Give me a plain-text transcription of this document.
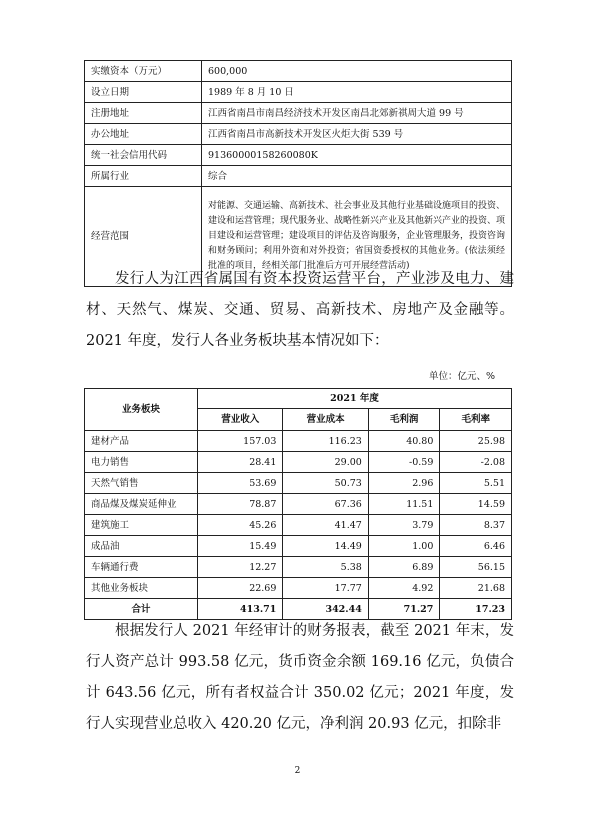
实缴资本（万元）	600,000
设立日期	1989 年 8 月 10 日
注册地址	江西省南昌市南昌经济技术开发区南昌北郊新祺周大道 99 号
办公地址	江西省南昌市高新技术开发区火炬大街 539 号
统一社会信用代码	91360000158260080K
所属行业	综合
经营范围	对能源、交通运输、高新技术、社会事业及其他行业基础设施项目的投资、建设和运营管理；现代服务业、战略性新兴产业及其他新兴产业的投资、项目建设和运营管理；建设项目的评估及咨询服务，企业管理服务，投资咨询和财务顾问；利用外资和对外投资；省国资委授权的其他业务。(依法须经批准的项目，经相关部门批准后方可开展经营活动)

发行人为江西省属国有资本投资运营平台，产业涉及电力、建材、天然气、煤炭、交通、贸易、高新技术、房地产及金融等。2021 年度，发行人各业务板块基本情况如下：

单位：亿元、%
业务板块	2021 年度			
	营业收入	营业成本	毛利润	毛利率
建材产品	157.03	116.23	40.80	25.98
电力销售	28.41	29.00	-0.59	-2.08
天然气销售	53.69	50.73	2.96	5.51
商品煤及煤炭延伸业	78.87	67.36	11.51	14.59
建筑施工	45.26	41.47	3.79	8.37
成品油	15.49	14.49	1.00	6.46
车辆通行费	12.27	5.38	6.89	56.15
其他业务板块	22.69	17.77	4.92	21.68
合计	413.71	342.44	71.27	17.23

根据发行人 2021 年经审计的财务报表，截至 2021 年末，发行人资产总计 993.58 亿元，货币资金余额 169.16 亿元，负债合计 643.56 亿元，所有者权益合计 350.02 亿元；2021 年度，发行人实现营业总收入 420.20 亿元，净利润 20.93 亿元，扣除非

2
